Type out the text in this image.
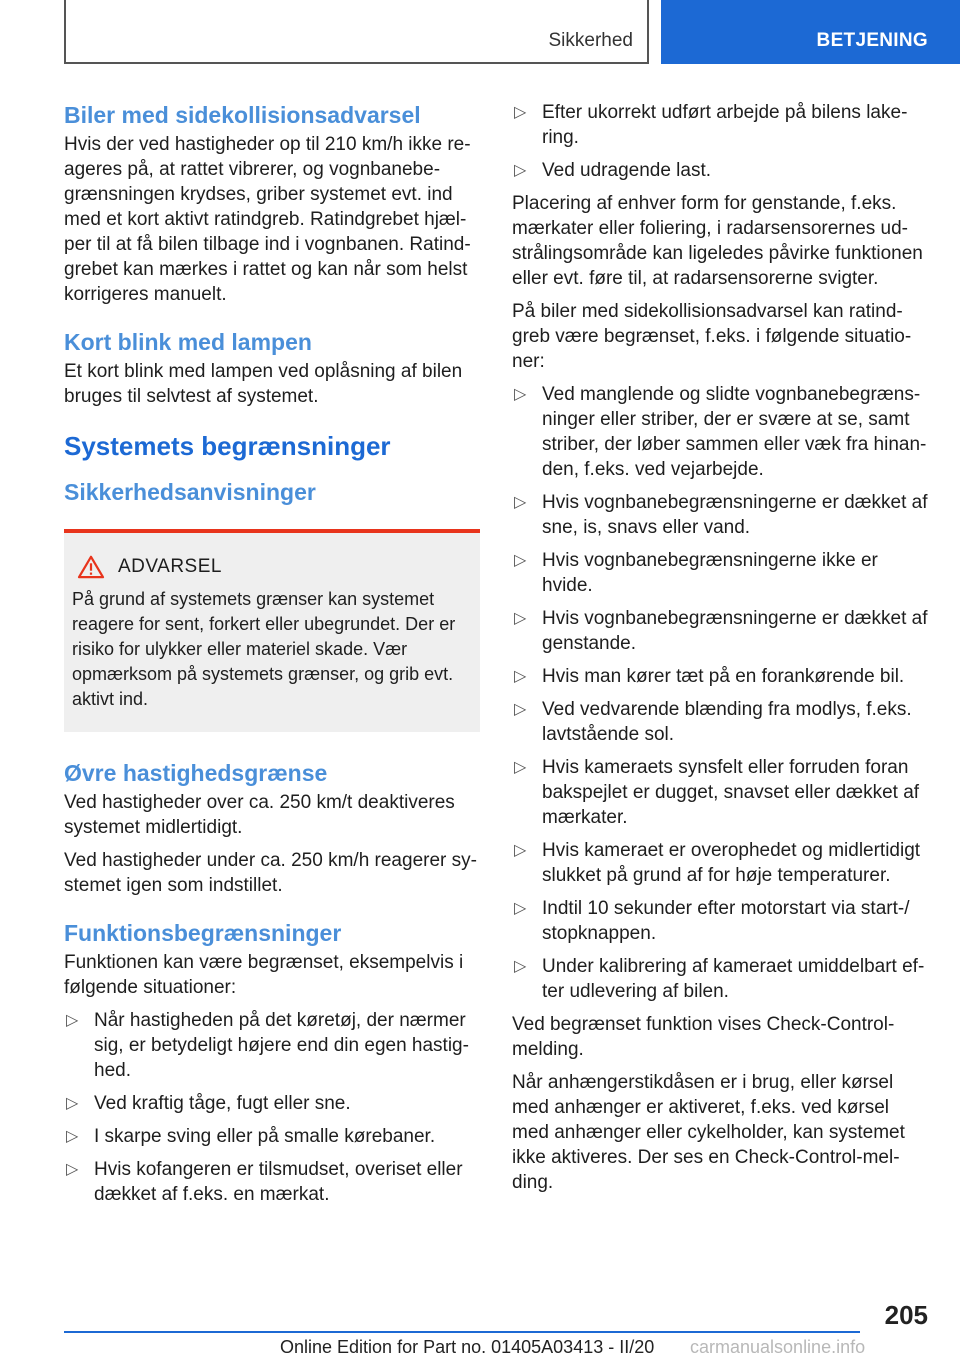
Sikkerhed	BETJENING
Biler med sidekollisionsadvarsel

Hvis der ved hastigheder op til 210 km/h ikke reageres på, at rattet vibrerer, og vognbanebegrænsningen krydses, griber systemet evt. ind med et kort aktivt ratindgreb. Ratindgrebet hjælper til at få bilen tilbage ind i vognbanen. Ratindgrebet kan mærkes i rattet og kan når som helst korrigeres manuelt.

Kort blink med lampen

Et kort blink med lampen ved oplåsning af bilen bruges til selvtest af systemet.

Systemets begrænsninger
Sikkerhedsanvisninger
ADVARSEL
På grund af systemets grænser kan systemet reagere for sent, forkert eller ubegrundet. Der er risiko for ulykker eller materiel skade. Vær opmærksom på systemets grænser, og grib evt. aktivt ind.
Øvre hastighedsgrænse

Ved hastigheder over ca. 250 km/t deaktiveres systemet midlertidigt.

Ved hastigheder under ca. 250 km/h reagerer systemet igen som indstillet.

Funktionsbegrænsninger

Funktionen kan være begrænset, eksempelvis i følgende situationer:

▷ Når hastigheden på det køretøj, der nærmer sig, er betydeligt højere end din egen hastighed.
▷ Ved kraftig tåge, fugt eller sne.
▷ I skarpe sving eller på smalle kørebaner.
▷ Hvis kofangeren er tilsmudset, overiset eller dækket af f.eks. en mærkat.
▷ Efter ukorrekt udført arbejde på bilens lakering.
▷ Ved udragende last.

Placering af enhver form for genstande, f.eks. mærkater eller foliering, i radarsensorernes udstrålingsområde kan ligeledes påvirke funktionen eller evt. føre til, at radarsensorerne svigter.

På biler med sidekollisionsadvarsel kan ratindgreb være begrænset, f.eks. i følgende situationer:

▷ Ved manglende og slidte vognbanebegrænsninger eller striber, der er svære at se, samt striber, der løber sammen eller væk fra hinanden, f.eks. ved vejarbejde.
▷ Hvis vognbanebegrænsningerne er dækket af sne, is, snavs eller vand.
▷ Hvis vognbanebegrænsningerne ikke er hvide.
▷ Hvis vognbanebegrænsningerne er dækket af genstande.
▷ Hvis man kører tæt på en forankørende bil.
▷ Ved vedvarende blænding fra modlys, f.eks. lavtstående sol.
▷ Hvis kameraets synsfelt eller forruden foran bakspejlet er dugget, snavset eller dækket af mærkater.
▷ Hvis kameraet er overophedet og midlertidigt slukket på grund af for høje temperaturer.
▷ Indtil 10 sekunder efter motorstart via start-/ stopknappen.
▷ Under kalibrering af kameraet umiddelbart efter udlevering af bilen.

Ved begrænset funktion vises Check-Control-melding.

Når anhængerstikdåsen er i brug, eller kørsel med anhænger er aktiveret, f.eks. ved kørsel med anhænger eller cykelholder, kan systemet ikke aktiveres. Der ses en Check-Control-melding.

205
Online Edition for Part no. 01405A03413 - II/20 carmanualsonline.info
